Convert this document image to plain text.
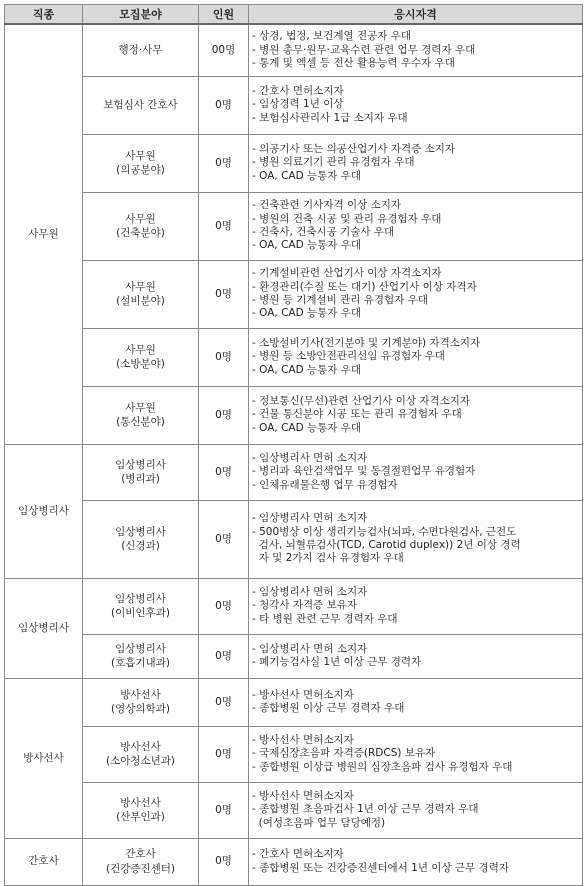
직종	모집분야	인원	응시자격
사무원	행정·사무	00명	- 상경, 법정, 보건계열 전공자 우대
- 병원 총무·원무·교육수련 관련 업무 경력자 우대
- 통계 및 엑셀 등 전산 활용능력 우수자 우대

	보험심사 간호사	0명	- 간호사 면허소지자
- 임상경력 1년 이상
- 보험심사관리사 1급 소지자 우대

	사무원
(의공분야)	0명	- 의공기사 또는 의공산업기사 자격증 소지자
- 병원 의료기기 관리 유경험자 우대
- OA, CAD 능통자 우대

	사무원
(건축분야)	0명	- 건축관련 기사자격 이상 소지자
- 병원의 건축 시공 및 관리 유경험자 우대
- 건축사, 건축시공 기술사 우대
- OA, CAD 능통자 우대

	사무원
(설비분야)	0명	- 기계설비관련 산업기사 이상 자격소지자
- 환경관리(수질 또는 대기) 산업기사 이상 자격자
- 병원 등 기계설비 관리 유경험자 우대
- OA, CAD 능통자 우대

	사무원
(소방분야)	0명	- 소방설비기사(전기분야 및 기계분야) 자격소지자
- 병원 등 소방안전관리선임 유경험자 우대
- OA, CAD 능통자 우대

	사무원
(통신분야)	0명	- 정보통신(무선)관련 산업기사 이상 자격소지자
- 건물 통신분야 시공 또는 관리 유경험자 우대
- OA, CAD 능통자 우대

임상병리사	임상병리사
(병리과)	0명	- 임상병리사 면허 소지자
- 병리과 육안검색업무 및 동결절편업무 유경험자
- 인체유래물은행 업무 유경험자

	임상병리사
(신경과)	0명	- 임상병리사 면허 소지자
- 500병상 이상 생리기능검사(뇌파, 수면다원검사, 근전도
검사, 뇌혈류검사(TCD, Carotid duplex)) 2년 이상 경력
자 및 2가지 검사 유경험자 우대

임상병리사	임상병리사
(이비인후과)	0명	- 임상병리사 면허 소지자
- 청각사 자격증 보유자
- 타 병원 관련 근무 경력자 우대

	임상병리사
(호흡기내과)	0명	- 임상병리사 면허 소지자
- 폐기능검사실 1년 이상 근무 경력자

방사선사	방사선사
(영상의학과)	0명	- 방사선사 면허소지자
- 종합병원 이상 근무 경력자 우대

	방사선사
(소아청소년과)	0명	- 방사선사 면허소지자
- 국제심장초음파 자격증(RDCS) 보유자
- 종합병원 이상급 병원의 심장초음파 검사 유경험자 우대

	방사선사
(산부인과)	0명	- 방사선사 면허소지자
- 종합병원 초음파검사 1년 이상 근무 경력자 우대
(여성초음파 업무 담당예정)

간호사	간호사
(건강증진센터)	0명	- 간호사 면허소지자
- 종합병원 또는 건강증진센터에서 1년 이상 근무 경력자
